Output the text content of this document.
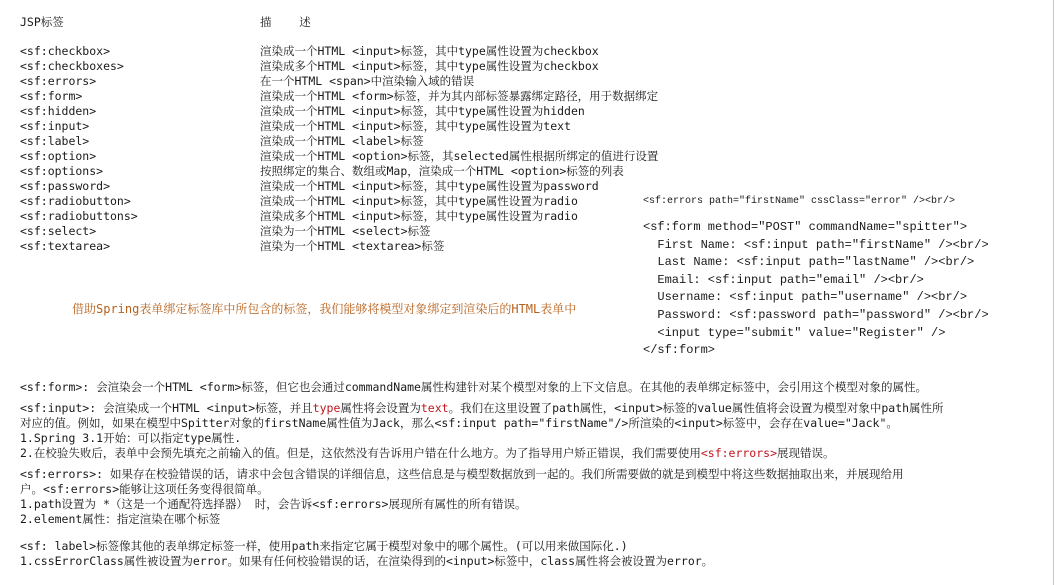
JSP标签	描    述
<sf:checkbox>	渲染成一个HTML <input>标签，其中type属性设置为checkbox
<sf:checkboxes>	渲染成多个HTML <input>标签，其中type属性设置为checkbox
<sf:errors>	在一个HTML <span>中渲染输入域的错误
<sf:form>	渲染成一个HTML <form>标签，并为其内部标签暴露绑定路径，用于数据绑定
<sf:hidden>	渲染成一个HTML <input>标签，其中type属性设置为hidden
<sf:input>	渲染成一个HTML <input>标签，其中type属性设置为text
<sf:label>	渲染成一个HTML <label>标签
<sf:option>	渲染成一个HTML <option>标签，其selected属性根据所绑定的值进行设置
<sf:options>	按照绑定的集合、数组或Map，渲染成一个HTML <option>标签的列表
<sf:password>	渲染成一个HTML <input>标签，其中type属性设置为password
<sf:radiobutton>	渲染成一个HTML <input>标签，其中type属性设置为radio
<sf:radiobuttons>	渲染成多个HTML <input>标签，其中type属性设置为radio
<sf:select>	渲染为一个HTML <select>标签
<sf:textarea>	渲染为一个HTML <textarea>标签
借助Spring表单绑定标签库中所包含的标签，我们能够将模型对象绑定到渲染后的HTML表单中
<sf:errors path="firstName" cssClass="error" /><br/>
<sf:form method="POST" commandName="spitter">
First Name: <sf:input path="firstName" /><br/>
Last Name: <sf:input path="lastName" /><br/>
Email: <sf:input path="email" /><br/>
Username: <sf:input path="username" /><br/>
Password: <sf:password path="password" /><br/>
<input type="submit" value="Register" />
</sf:form>
<sf:form>: 会渲染会一个HTML <form>标签，但它也会通过commandName属性构建针对某个模型对象的上下文信息。在其他的表单绑定标签中，会引用这个模型对象的属性。
<sf:input>: 会渲染成一个HTML <input>标签，并且type属性将会设置为text。我们在这里设置了path属性，<input>标签的value属性值将会设置为模型对象中path属性所
对应的值。例如，如果在模型中Spitter对象的firstName属性值为Jack，那么<sf:input path="firstName"/>所渲染的<input>标签中，会存在value="Jack"。
1.Spring 3.1开始：可以指定type属性.
2.在校验失败后，表单中会预先填充之前输入的值。但是，这依然没有告诉用户错在什么地方。为了指导用户矫正错误，我们需要使用<sf:errors>展现错误。
<sf:errors>: 如果存在校验错误的话，请求中会包含错误的详细信息，这些信息是与模型数据放到一起的。我们所需要做的就是到模型中将这些数据抽取出来，并展现给用
户。<sf:errors>能够让这项任务变得很简单。
1.path设置为 *（这是一个通配符选择器） 时，会告诉<sf:errors>展现所有属性的所有错误。
2.element属性：指定渲染在哪个标签
<sf: label>标签像其他的表单绑定标签一样，使用path来指定它属于模型对象中的哪个属性。(可以用来做国际化.)
1.cssErrorClass属性被设置为error。如果有任何校验错误的话，在渲染得到的<input>标签中，class属性将会被设置为error。
